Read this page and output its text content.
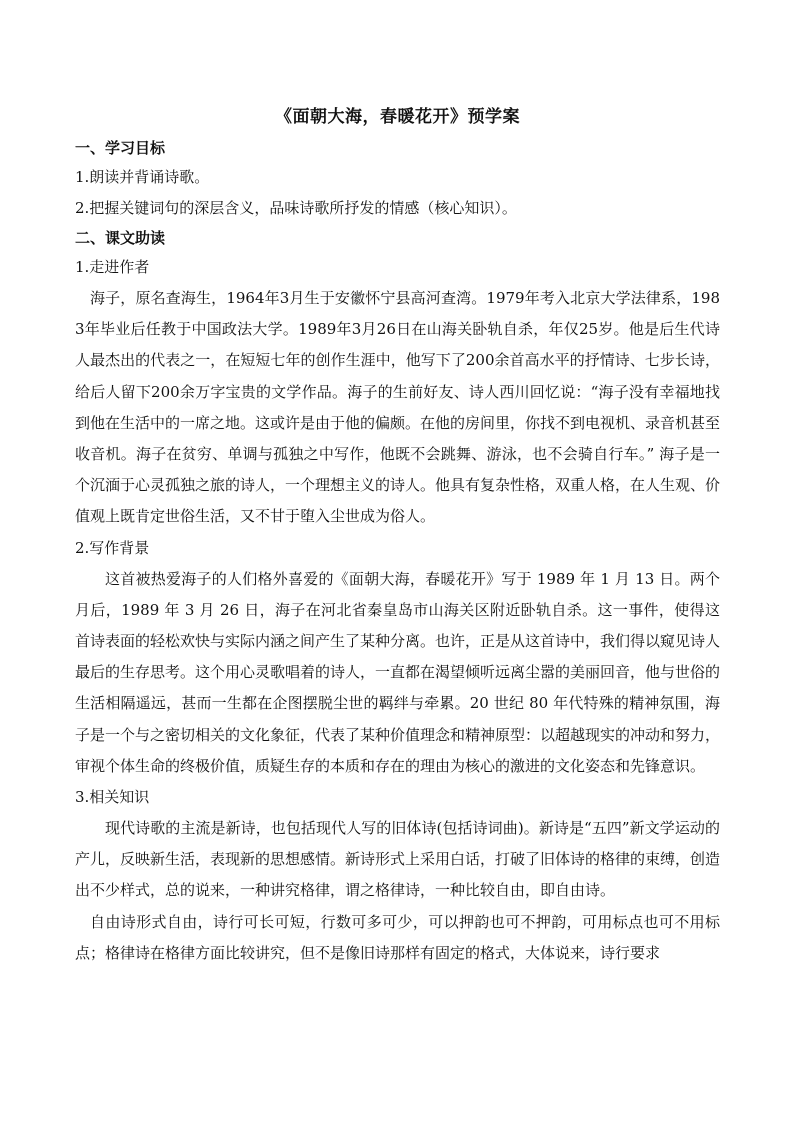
《面朝大海，春暖花开》预学案
一、学习目标

1.朗读并背诵诗歌。

2.把握关键词句的深层含义，品味诗歌所抒发的情感（核心知识）。

二、课文助读

1.走进作者

海子，原名查海生，1964年3月生于安徽怀宁县高河查湾。1979年考入北京大学法律系，1983年毕业后任教于中国政法大学。1989年3月26日在山海关卧轨自杀，年仅25岁。他是后生代诗人最杰出的代表之一，在短短七年的创作生涯中，他写下了200余首高水平的抒情诗、七步长诗，给后人留下200余万字宝贵的文学作品。海子的生前好友、诗人西川回忆说：“海子没有幸福地找到他在生活中的一席之地。这或许是由于他的偏颇。在他的房间里，你找不到电视机、录音机甚至收音机。海子在贫穷、单调与孤独之中写作，他既不会跳舞、游泳，也不会骑自行车。” 海子是一个沉湎于心灵孤独之旅的诗人，一个理想主义的诗人。他具有复杂性格，双重人格，在人生观、价值观上既肯定世俗生活，又不甘于堕入尘世成为俗人。

2.写作背景

这首被热爱海子的人们格外喜爱的《面朝大海，春暖花开》写于 1989 年 1 月 13 日。两个月后，1989 年 3 月 26 日，海子在河北省秦皇岛市山海关区附近卧轨自杀。这一事件，使得这首诗表面的轻松欢快与实际内涵之间产生了某种分离。也许，正是从这首诗中，我们得以窥见诗人最后的生存思考。这个用心灵歌唱着的诗人，一直都在渴望倾听远离尘嚣的美丽回音，他与世俗的生活相隔遥远，甚而一生都在企图摆脱尘世的羁绊与牵累。20 世纪 80 年代特殊的精神氛围，海子是一个与之密切相关的文化象征，代表了某种价值理念和精神原型：以超越现实的冲动和努力，审视个体生命的终极价值，质疑生存的本质和存在的理由为核心的激进的文化姿态和先锋意识。

3.相关知识

现代诗歌的主流是新诗，也包括现代人写的旧体诗(包括诗词曲)。新诗是“五四”新文学运动的产儿，反映新生活，表现新的思想感情。新诗形式上采用白话，打破了旧体诗的格律的束缚，创造出不少样式，总的说来，一种讲究格律，谓之格律诗，一种比较自由，即自由诗。

自由诗形式自由，诗行可长可短，行数可多可少，可以押韵也可不押韵，可用标点也可不用标点；格律诗在格律方面比较讲究，但不是像旧诗那样有固定的格式，大体说来，诗行要求
